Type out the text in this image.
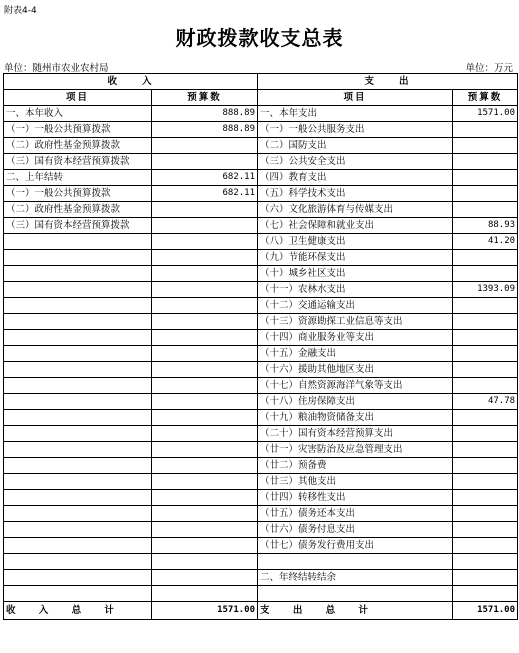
附表4-4
财政拨款收支总表
单位：随州市农业农村局	单位：万元
收　　入		支　　出	
项目	预算数	项目	预算数
一、本年收入	888.89	一、本年支出	1571.00
（一）一般公共预算拨款	888.89	（一）一般公共服务支出	
（二）政府性基金预算拨款		（二）国防支出	
（三）国有资本经营预算拨款		（三）公共安全支出	
二、上年结转	682.11	（四）教育支出	
（一）一般公共预算拨款	682.11	（五）科学技术支出	
（二）政府性基金预算拨款		（六）文化旅游体育与传媒支出	
（三）国有资本经营预算拨款		（七）社会保障和就业支出	88.93
		（八）卫生健康支出	41.20
		（九）节能环保支出	
		（十）城乡社区支出	
		（十一）农林水支出	1393.09
		（十二）交通运输支出	
		（十三）资源勘探工业信息等支出	
		（十四）商业服务业等支出	
		（十五）金融支出	
		（十六）援助其他地区支出	
		（十七）自然资源海洋气象等支出	
		（十八）住房保障支出	47.78
		（十九）粮油物资储备支出	
		（二十）国有资本经营预算支出	
		（廿一）灾害防治及应急管理支出	
		（廿二）预备费	
		（廿三）其他支出	
		（廿四）转移性支出	
		（廿五）债务还本支出	
		（廿六）债务付息支出	
		（廿七）债务发行费用支出	

		二、年终结转结余	

收 入 总 计	1571.00	支 出 总 计	1571.00
